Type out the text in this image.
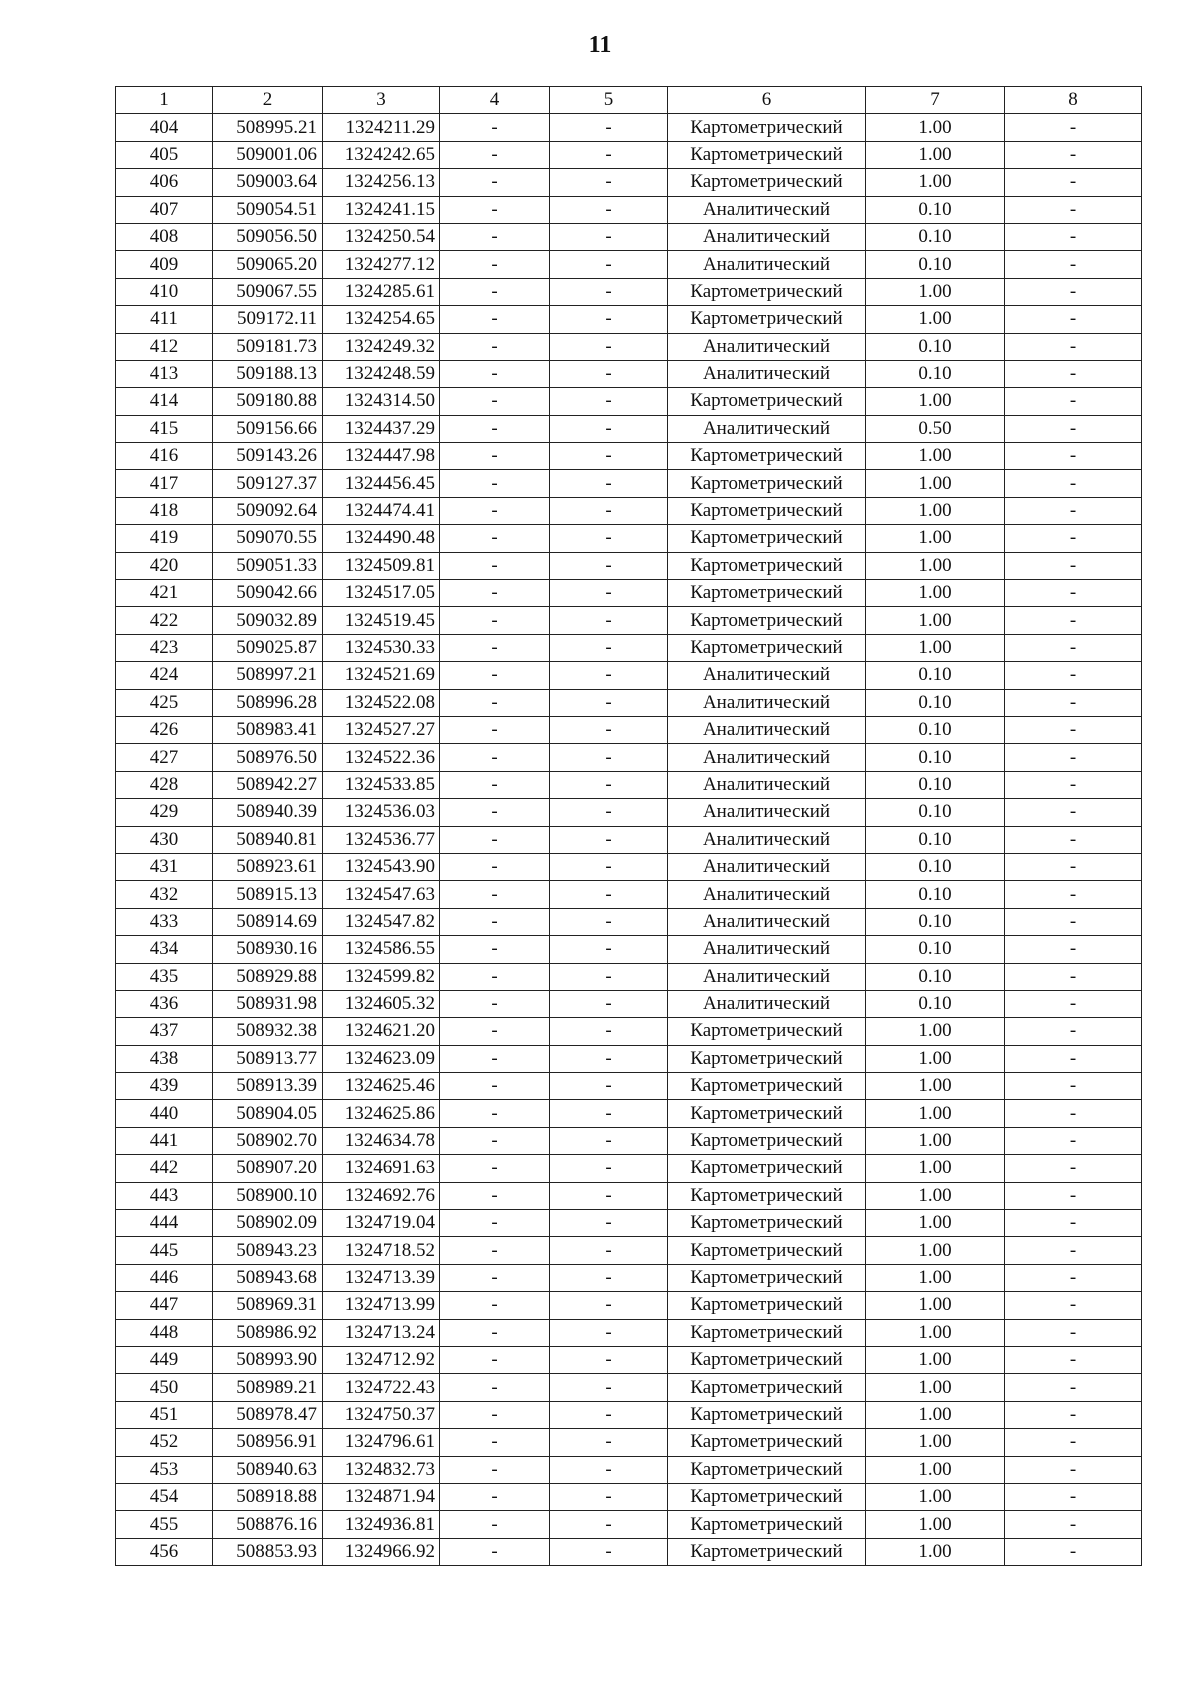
11
1	2	3	4	5	6	7	8
404	508995.21	1324211.29	-	-	Картометрический	1.00	-
405	509001.06	1324242.65	-	-	Картометрический	1.00	-
406	509003.64	1324256.13	-	-	Картометрический	1.00	-
407	509054.51	1324241.15	-	-	Аналитический	0.10	-
408	509056.50	1324250.54	-	-	Аналитический	0.10	-
409	509065.20	1324277.12	-	-	Аналитический	0.10	-
410	509067.55	1324285.61	-	-	Картометрический	1.00	-
411	509172.11	1324254.65	-	-	Картометрический	1.00	-
412	509181.73	1324249.32	-	-	Аналитический	0.10	-
413	509188.13	1324248.59	-	-	Аналитический	0.10	-
414	509180.88	1324314.50	-	-	Картометрический	1.00	-
415	509156.66	1324437.29	-	-	Аналитический	0.50	-
416	509143.26	1324447.98	-	-	Картометрический	1.00	-
417	509127.37	1324456.45	-	-	Картометрический	1.00	-
418	509092.64	1324474.41	-	-	Картометрический	1.00	-
419	509070.55	1324490.48	-	-	Картометрический	1.00	-
420	509051.33	1324509.81	-	-	Картометрический	1.00	-
421	509042.66	1324517.05	-	-	Картометрический	1.00	-
422	509032.89	1324519.45	-	-	Картометрический	1.00	-
423	509025.87	1324530.33	-	-	Картометрический	1.00	-
424	508997.21	1324521.69	-	-	Аналитический	0.10	-
425	508996.28	1324522.08	-	-	Аналитический	0.10	-
426	508983.41	1324527.27	-	-	Аналитический	0.10	-
427	508976.50	1324522.36	-	-	Аналитический	0.10	-
428	508942.27	1324533.85	-	-	Аналитический	0.10	-
429	508940.39	1324536.03	-	-	Аналитический	0.10	-
430	508940.81	1324536.77	-	-	Аналитический	0.10	-
431	508923.61	1324543.90	-	-	Аналитический	0.10	-
432	508915.13	1324547.63	-	-	Аналитический	0.10	-
433	508914.69	1324547.82	-	-	Аналитический	0.10	-
434	508930.16	1324586.55	-	-	Аналитический	0.10	-
435	508929.88	1324599.82	-	-	Аналитический	0.10	-
436	508931.98	1324605.32	-	-	Аналитический	0.10	-
437	508932.38	1324621.20	-	-	Картометрический	1.00	-
438	508913.77	1324623.09	-	-	Картометрический	1.00	-
439	508913.39	1324625.46	-	-	Картометрический	1.00	-
440	508904.05	1324625.86	-	-	Картометрический	1.00	-
441	508902.70	1324634.78	-	-	Картометрический	1.00	-
442	508907.20	1324691.63	-	-	Картометрический	1.00	-
443	508900.10	1324692.76	-	-	Картометрический	1.00	-
444	508902.09	1324719.04	-	-	Картометрический	1.00	-
445	508943.23	1324718.52	-	-	Картометрический	1.00	-
446	508943.68	1324713.39	-	-	Картометрический	1.00	-
447	508969.31	1324713.99	-	-	Картометрический	1.00	-
448	508986.92	1324713.24	-	-	Картометрический	1.00	-
449	508993.90	1324712.92	-	-	Картометрический	1.00	-
450	508989.21	1324722.43	-	-	Картометрический	1.00	-
451	508978.47	1324750.37	-	-	Картометрический	1.00	-
452	508956.91	1324796.61	-	-	Картометрический	1.00	-
453	508940.63	1324832.73	-	-	Картометрический	1.00	-
454	508918.88	1324871.94	-	-	Картометрический	1.00	-
455	508876.16	1324936.81	-	-	Картометрический	1.00	-
456	508853.93	1324966.92	-	-	Картометрический	1.00	-
